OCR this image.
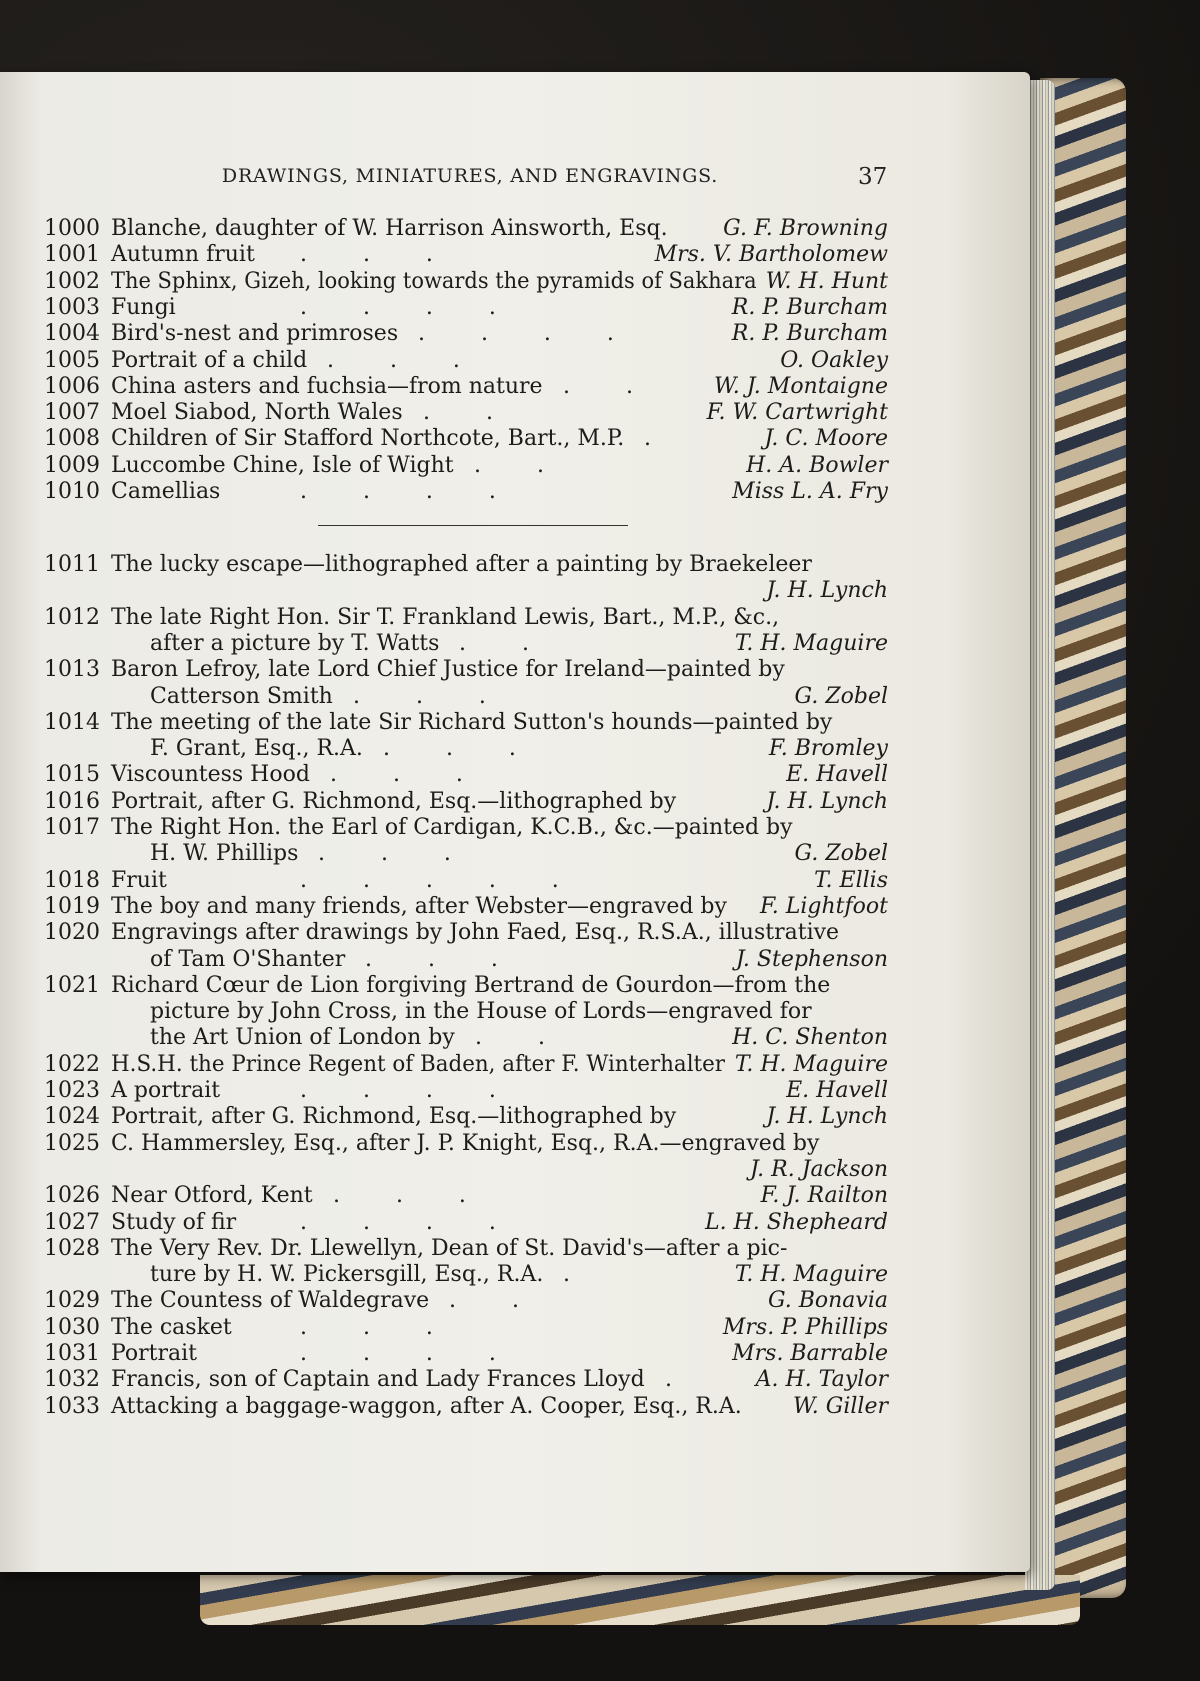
DRAWINGS, MINIATURES, AND ENGRAVINGS.	37
1000 Blanche, daughter of W. Harrison Ainsworth, Esq.	G. F. Browning
1001 Autumn fruit .        .        .	Mrs. V. Bartholomew
1002 The Sphinx, Gizeh, looking towards the pyramids of Sakhara W. H. Hunt
1003 Fungi	.        .        .        .	R. P. Burcham
1004 Bird's-nest and primroses .        .        .        .	R. P. Burcham
1005 Portrait of a child .        .        .	O. Oakley
1006 China asters and fuchsia—from nature .        .	W. J. Montaigne
1007 Moel Siabod, North Wales .        .	F. W. Cartwright
1008 Children of Sir Stafford Northcote, Bart., M.P. .	J. C. Moore
1009 Luccombe Chine, Isle of Wight .        .	H. A. Bowler
1010 Camellias	.        .        .        .	Miss L. A. Fry
1011 The lucky escape—lithographed after a painting by Braekeleer
J. H. Lynch
1012 The late Right Hon. Sir T. Frankland Lewis, Bart., M.P., &c.,
after a picture by T. Watts .        .	T. H. Maguire
1013 Baron Lefroy, late Lord Chief Justice for Ireland—painted by
Catterson Smith .        .        .	G. Zobel
1014 The meeting of the late Sir Richard Sutton's hounds—painted by
F. Grant, Esq., R.A. .        .        .	F. Bromley
1015 Viscountess Hood .        .        .	E. Havell
1016 Portrait, after G. Richmond, Esq.—lithographed by	J. H. Lynch
1017 The Right Hon. the Earl of Cardigan, K.C.B., &c.—painted by
H. W. Phillips .        .        .	G. Zobel
1018 Fruit	.        .        .        .        .	T. Ellis
1019 The boy and many friends, after Webster—engraved by F. Lightfoot
1020 Engravings after drawings by John Faed, Esq., R.S.A., illustrative
of Tam O'Shanter .        .        .	J. Stephenson
1021 Richard Cœur de Lion forgiving Bertrand de Gourdon—from the
picture by John Cross, in the House of Lords—engraved for
the Art Union of London by .        .	H. C. Shenton
1022 H.S.H. the Prince Regent of Baden, after F. Winterhalter T. H. Maguire
1023 A portrait	.        .        .        .	E. Havell
1024 Portrait, after G. Richmond, Esq.—lithographed by	J. H. Lynch
1025 C. Hammersley, Esq., after J. P. Knight, Esq., R.A.—engraved by
J. R. Jackson
1026 Near Otford, Kent .        .        .	F. J. Railton
1027 Study of fir	.        .        .        .	L. H. Shepheard
1028 The Very Rev. Dr. Llewellyn, Dean of St. David's—after a pic-
ture by H. W. Pickersgill, Esq., R.A. .	T. H. Maguire
1029 The Countess of Waldegrave .        .	G. Bonavia
1030 The casket	.        .        .	Mrs. P. Phillips
1031 Portrait	.        .        .        .	Mrs. Barrable
1032 Francis, son of Captain and Lady Frances Lloyd .	A. H. Taylor
1033 Attacking a baggage-waggon, after A. Cooper, Esq., R.A. W. Giller
